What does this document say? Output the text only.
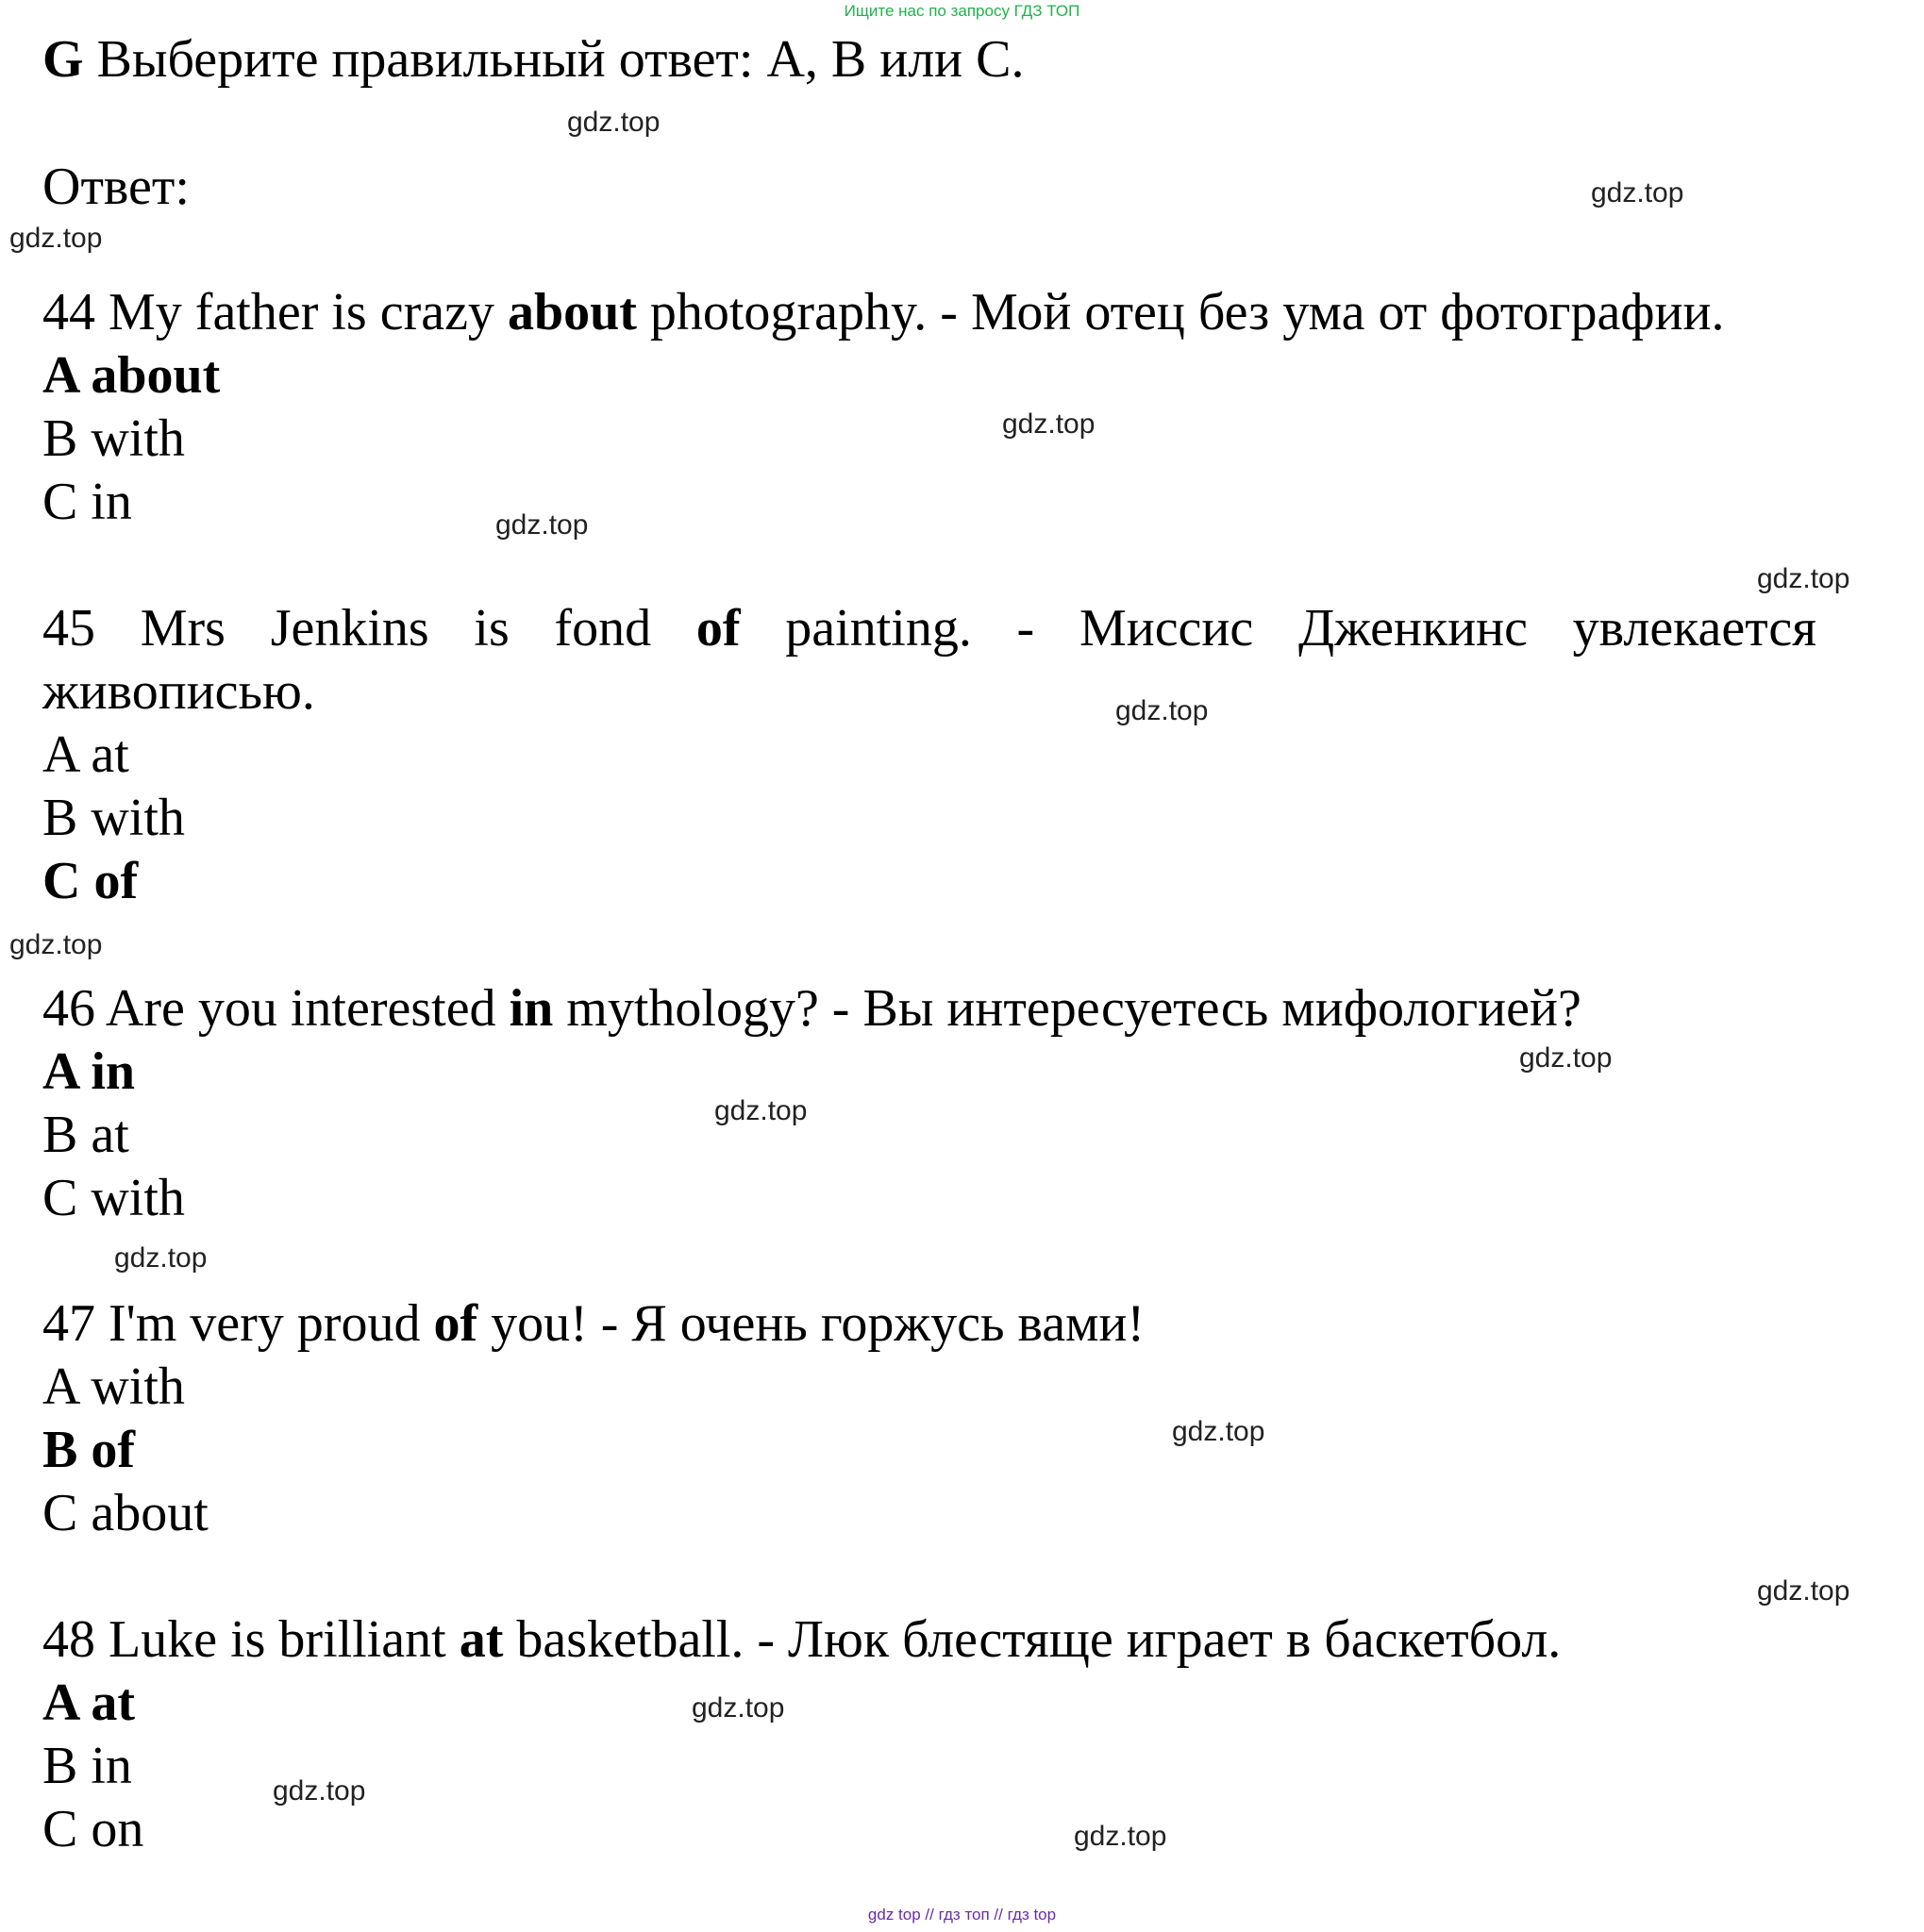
Ищите нас по запросу ГДЗ ТОП
G Выберите правильный ответ: A, B или C.
Ответ:
44 My father is crazy about photography. - Мой отец без ума от фотографии.
A about
B with
C in
45 Mrs Jenkins is fond of painting. - Миссис Дженкинс увлекается
живописью.
A at
B with
C of
46 Are you interested in mythology? - Вы интересуетесь мифологией?
A in
B at
C with
47 I'm very proud of you! - Я очень горжусь вами!
A with
B of
C about
48 Luke is brilliant at basketball. - Люк блестяще играет в баскетбол.
A at
B in
C on
gdz.top
gdz.top
gdz.top
gdz.top
gdz.top
gdz.top
gdz.top
gdz.top
gdz.top
gdz.top
gdz.top
gdz.top
gdz.top
gdz.top
gdz.top
gdz.top
gdz top // гдз топ // гдз top
